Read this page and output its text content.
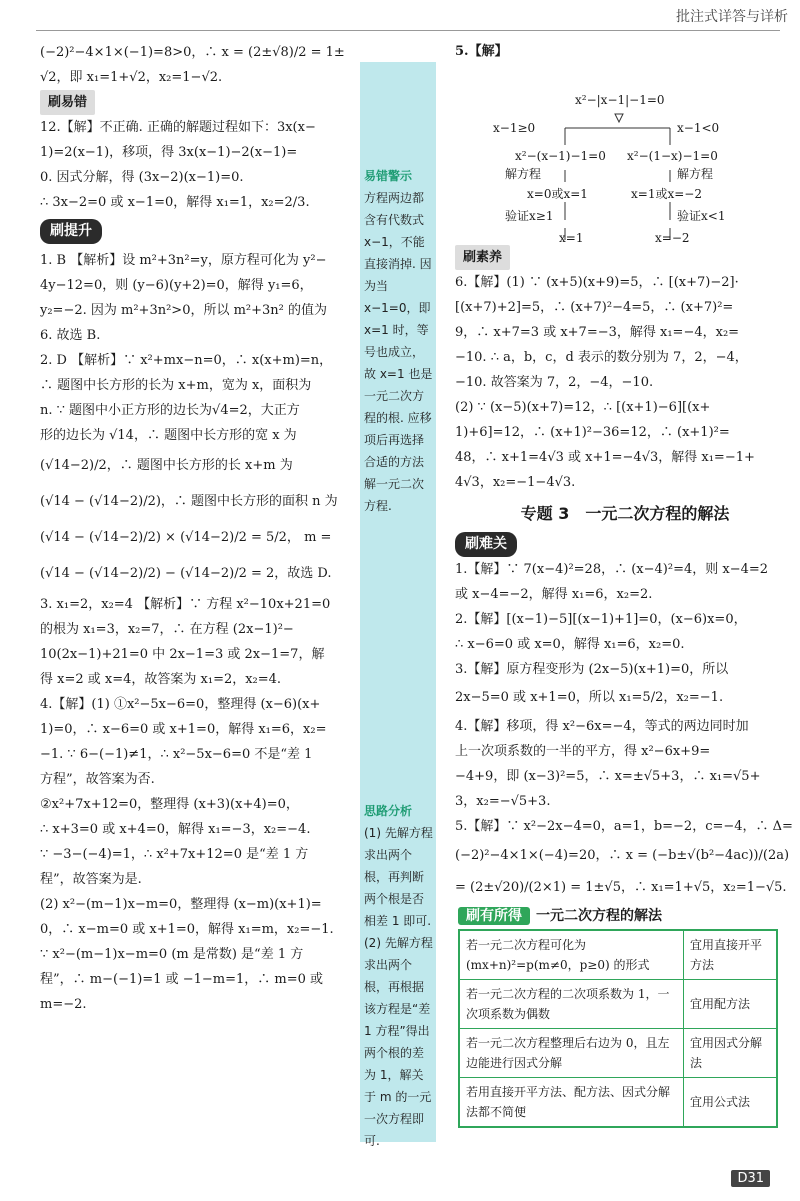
批注式详答与详析
易错警示
方程两边都含有代数式 x−1，不能直接消掉. 因为当 x−1=0，即 x=1 时，等号也成立，故 x=1 也是一元二次方程的根. 应移项后再选择合适的方法解一元二次方程.
思路分析
(1) 先解方程求出两个根，再判断两个根是否相差 1 即可. (2) 先解方程求出两个根，再根据该方程是“差 1 方程”得出两个根的差为 1，解关于 m 的一元一次方程即可.

(−2)²−4×1×(−1)=8>0，∴ x = (2±√8)/2 = 1±

√2，即 x₁=1+√2，x₂=1−√2.

刷易错

12.【解】不正确. 正确的解题过程如下：3x(x−

1)=2(x−1)，移项，得 3x(x−1)−2(x−1)=

0. 因式分解，得 (3x−2)(x−1)=0.

∴ 3x−2=0 或 x−1=0，解得 x₁=1，x₂=2/3.

刷提升

1. B 【解析】设 m²+3n²=y，原方程可化为 y²−

4y−12=0，则 (y−6)(y+2)=0，解得 y₁=6，

y₂=−2. 因为 m²+3n²>0，所以 m²+3n² 的值为

6. 故选 B.

2. D 【解析】∵ x²+mx−n=0，∴ x(x+m)=n，

∴ 题图中长方形的长为 x+m，宽为 x，面积为

n. ∵ 题图中小正方形的边长为√4=2，大正方

形的边长为 √14，∴ 题图中长方形的宽 x 为

(√14−2)/2，∴ 题图中长方形的长 x+m 为

(√14 − (√14−2)/2)，∴ 题图中长方形的面积 n 为

(√14 − (√14−2)/2) × (√14−2)/2 = 5/2， m =

(√14 − (√14−2)/2) − (√14−2)/2 = 2，故选 D.

3. x₁=2，x₂=4 【解析】∵ 方程 x²−10x+21=0

的根为 x₁=3，x₂=7，∴ 在方程 (2x−1)²−

10(2x−1)+21=0 中 2x−1=3 或 2x−1=7，解

得 x=2 或 x=4，故答案为 x₁=2，x₂=4.

4.【解】(1) ①x²−5x−6=0，整理得 (x−6)(x+

1)=0，∴ x−6=0 或 x+1=0，解得 x₁=6，x₂=

−1. ∵ 6−(−1)≠1，∴ x²−5x−6=0 不是“差 1

方程”，故答案为否.

②x²+7x+12=0，整理得 (x+3)(x+4)=0，

∴ x+3=0 或 x+4=0，解得 x₁=−3，x₂=−4.

∵ −3−(−4)=1，∴ x²+7x+12=0 是“差 1 方

程”，故答案为是.

(2) x²−(m−1)x−m=0，整理得 (x−m)(x+1)=

0，∴ x−m=0 或 x+1=0，解得 x₁=m，x₂=−1.

∵ x²−(m−1)x−m=0 (m 是常数) 是“差 1 方

程”，∴ m−(−1)=1 或 −1−m=1，∴ m=0 或

m=−2.

5.【解】
x²−|x−1|−1=0
x−1≥0	x−1<0
x²−(x−1)−1=0 x²−(1−x)−1=0
解方程	解方程
x=0或x=1	x=1或x=−2
验证x≥1	验证x<1
x=1	x=−2

刷素养

6.【解】(1) ∵ (x+5)(x+9)=5，∴ [(x+7)−2]·

[(x+7)+2]=5，∴ (x+7)²−4=5，∴ (x+7)²=

9，∴ x+7=3 或 x+7=−3，解得 x₁=−4，x₂=

−10. ∴ a，b，c，d 表示的数分别为 7，2，−4，

−10. 故答案为 7，2，−4，−10.

(2) ∵ (x−5)(x+7)=12，∴ [(x+1)−6][(x+

1)+6]=12，∴ (x+1)²−36=12，∴ (x+1)²=

48，∴ x+1=4√3 或 x+1=−4√3，解得 x₁=−1+

4√3，x₂=−1−4√3.

专题 3　一元二次方程的解法

刷难关

1.【解】∵ 7(x−4)²=28，∴ (x−4)²=4，则 x−4=2

或 x−4=−2，解得 x₁=6，x₂=2.

2.【解】[(x−1)−5][(x−1)+1]=0，(x−6)x=0，

∴ x−6=0 或 x=0，解得 x₁=6，x₂=0.

3.【解】原方程变形为 (2x−5)(x+1)=0，所以

2x−5=0 或 x+1=0，所以 x₁=5/2，x₂=−1.

4.【解】移项，得 x²−6x=−4，等式的两边同时加

上一次项系数的一半的平方，得 x²−6x+9=

−4+9，即 (x−3)²=5，∴ x=±√5+3，∴ x₁=√5+

3，x₂=−√5+3.

5.【解】∵ x²−2x−4=0，a=1，b=−2，c=−4，∴ Δ=

(−2)²−4×1×(−4)=20，∴ x = (−b±√(b²−4ac))/(2a)

= (2±√20)/(2×1) = 1±√5，∴ x₁=1+√5，x₂=1−√5.

刷有所得 一元二次方程的解法
若一元二次方程可化为 (mx+n)²=p(m≠0，p≥0) 的形式	宜用直接开平方法
若一元二次方程的二次项系数为 1，一次项系数为偶数	宜用配方法
若一元二次方程整理后右边为 0，且左边能进行因式分解	宜用因式分解法
若用直接开平方法、配方法、因式分解法都不简便	宜用公式法
D31
